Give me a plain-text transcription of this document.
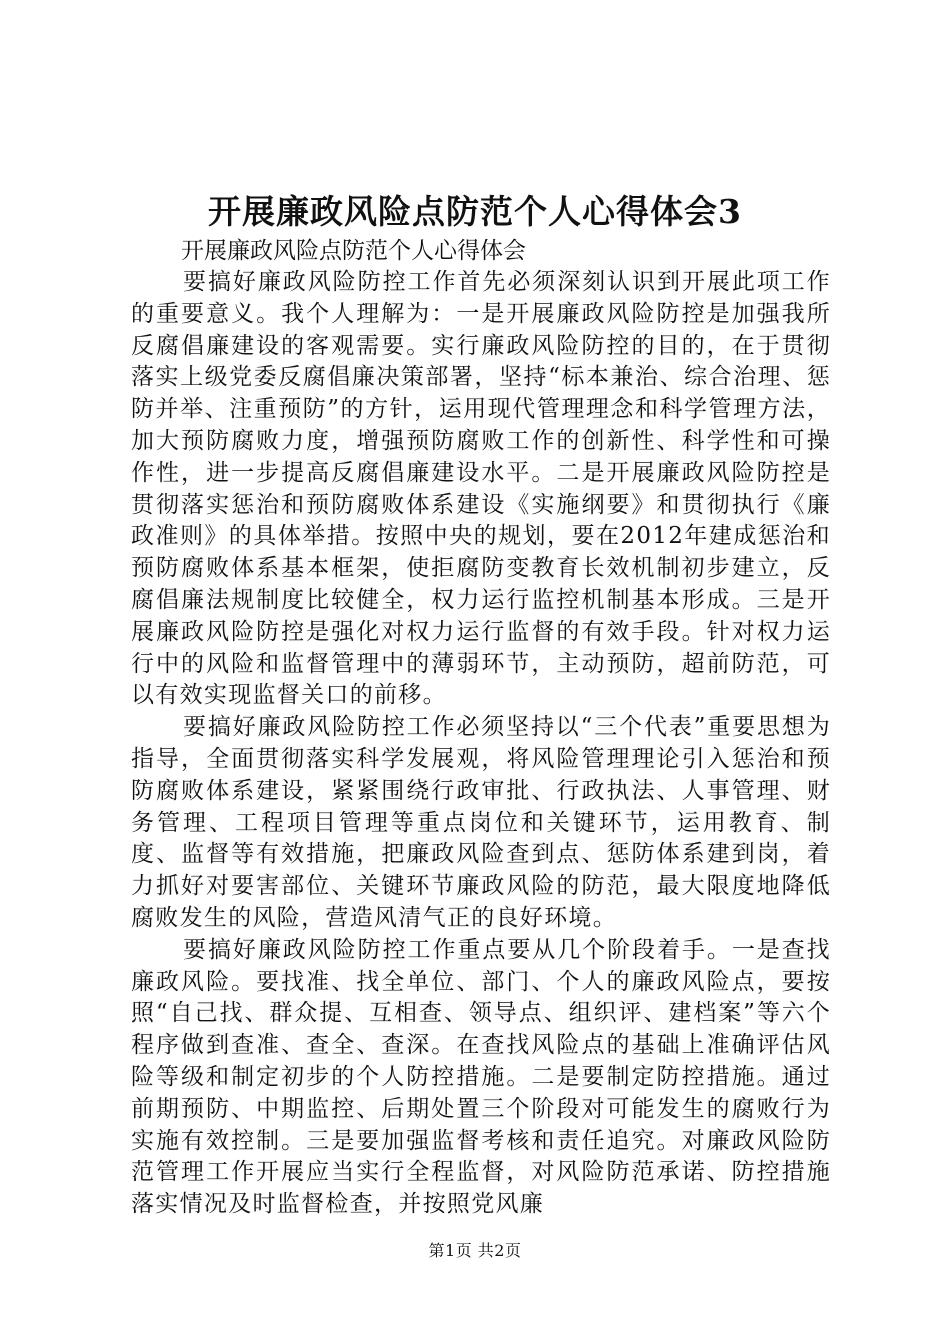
开展廉政风险点防范个人心得体会3

开展廉政风险点防范个人心得体会

要搞好廉政风险防控工作首先必须深刻认识到开展此项工作的重要意义。我个人理解为：一是开展廉政风险防控是加强我所反腐倡廉建设的客观需要。实行廉政风险防控的目的，在于贯彻落实上级党委反腐倡廉决策部署，坚持“标本兼治、综合治理、惩防并举、注重预防”的方针，运用现代管理理念和科学管理方法，加大预防腐败力度，增强预防腐败工作的创新性、科学性和可操作性，进一步提高反腐倡廉建设水平。二是开展廉政风险防控是贯彻落实惩治和预防腐败体系建设《实施纲要》和贯彻执行《廉政准则》的具体举措。按照中央的规划，要在2012年建成惩治和预防腐败体系基本框架，使拒腐防变教育长效机制初步建立，反腐倡廉法规制度比较健全，权力运行监控机制基本形成。三是开展廉政风险防控是强化对权力运行监督的有效手段。针对权力运行中的风险和监督管理中的薄弱环节，主动预防，超前防范，可以有效实现监督关口的前移。

要搞好廉政风险防控工作必须坚持以“三个代表”重要思想为指导，全面贯彻落实科学发展观，将风险管理理论引入惩治和预防腐败体系建设，紧紧围绕行政审批、行政执法、人事管理、财务管理、工程项目管理等重点岗位和关键环节，运用教育、制度、监督等有效措施，把廉政风险查到点、惩防体系建到岗，着力抓好对要害部位、关键环节廉政风险的防范，最大限度地降低腐败发生的风险，营造风清气正的良好环境。

要搞好廉政风险防控工作重点要从几个阶段着手。一是查找廉政风险。要找准、找全单位、部门、个人的廉政风险点，要按照“自己找、群众提、互相查、领导点、组织评、建档案”等六个程序做到查准、查全、查深。在查找风险点的基础上准确评估风险等级和制定初步的个人防控措施。二是要制定防控措施。通过前期预防、中期监控、后期处置三个阶段对可能发生的腐败行为实施有效控制。三是要加强监督考核和责任追究。对廉政风险防范管理工作开展应当实行全程监督，对风险防范承诺、防控措施落实情况及时监督检查，并按照党风廉

第1页 共2页
